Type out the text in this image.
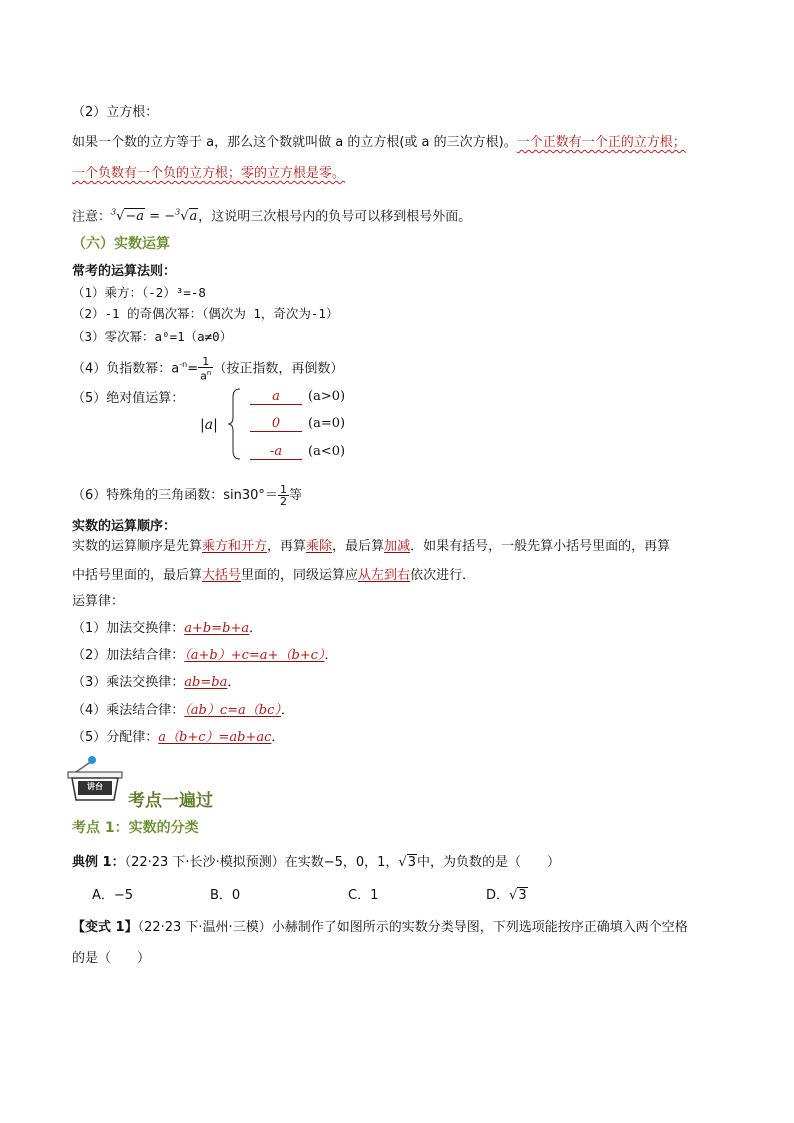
（2）立方根：
如果一个数的立方等于 a，那么这个数就叫做 a 的立方根(或 a 的三次方根)。一个正数有一个正的立方根；
一个负数有一个负的立方根；零的立方根是零。
注意：$^3$√−a = −$^3$√a，这说明三次根号内的负号可以移到根号外面。
（六）实数运算
常考的运算法则：
（1）乘方：（-2）³=-8
（2）-1 的奇偶次幂：（偶次为 1，奇次为-1）
（3）零次幂：a⁰=1（a≠0）
（4）负指数幂：$a^{-n}= \frac{1}{a^n}$ （按正指数，再倒数）
（5）绝对值运算：
|a|
a (a>0)
0 (a=0)
-a (a<0)
（6）特殊角的三角函数：$\sin 30^\circ= \frac{1}{2}$ 等
实数的运算顺序：
实数的运算顺序是先算乘方和开方，再算乘除，最后算加减．如果有括号，一般先算小括号里面的，再算
中括号里面的，最后算大括号里面的，同级运算应从左到右依次进行．
运算律：
（1）加法交换律：a+b=b+a．
（2）加法结合律：（a+b）+c=a+（b+c）．
（3）乘法交换律：ab=ba．
（4）乘法结合律：（ab）c=a（bc）．
（5）分配律：a（b+c）=ab+ac．
讲台
考点一遍过
考点 1：实数的分类
典例 1：（22·23 下·长沙·模拟预测）在实数−5，0，1，√3中，为负数的是（　　）
A．−5	B．0	C．1	D．√3
【变式 1】（22·23 下·温州·三模）小赫制作了如图所示的实数分类导图，下列选项能按序正确填入两个空格
的是（　　）
